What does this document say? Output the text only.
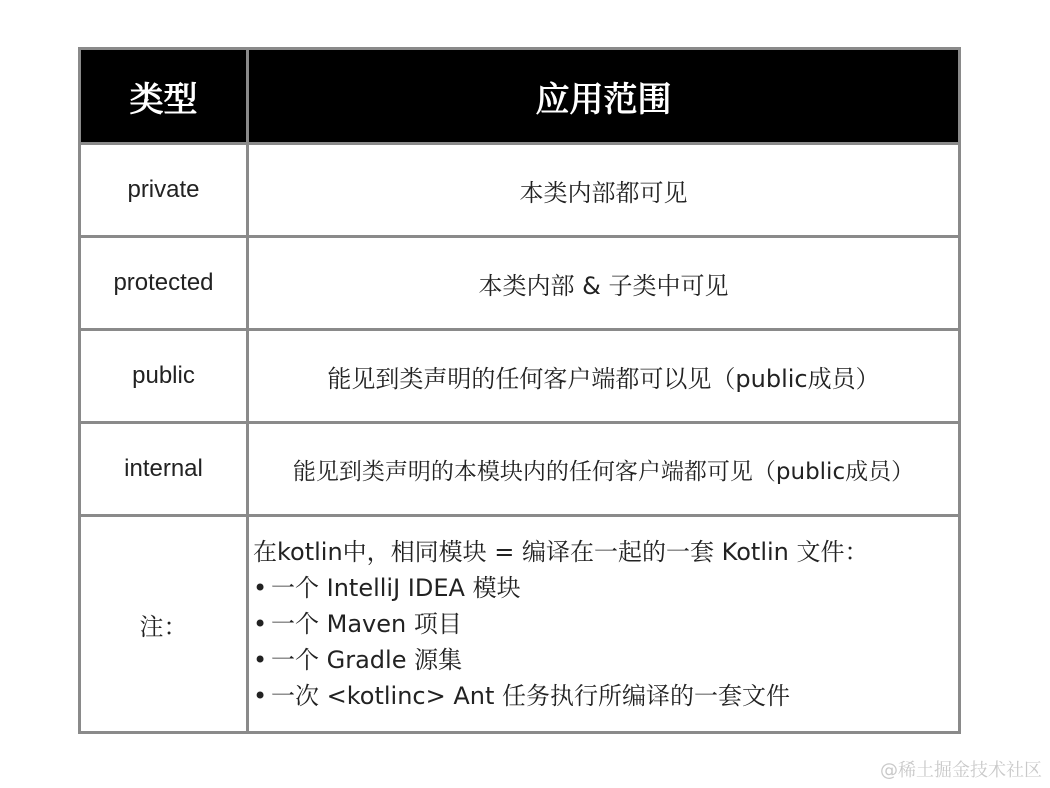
类型	应用范围
private	本类内部都可见
protected	本类内部 & 子类中可见
public	能见到类声明的任何客户端都可以见（public成员）
internal	能见到类声明的本模块内的任何客户端都可见（public成员）
注：	在kotlin中，相同模块 = 编译在一起的一套 Kotlin 文件：
• 一个 IntelliJ IDEA 模块
• 一个 Maven 项目
• 一个 Gradle 源集
• 一次 <kotlinc> Ant 任务执行所编译的一套文件
@稀土掘金技术社区
